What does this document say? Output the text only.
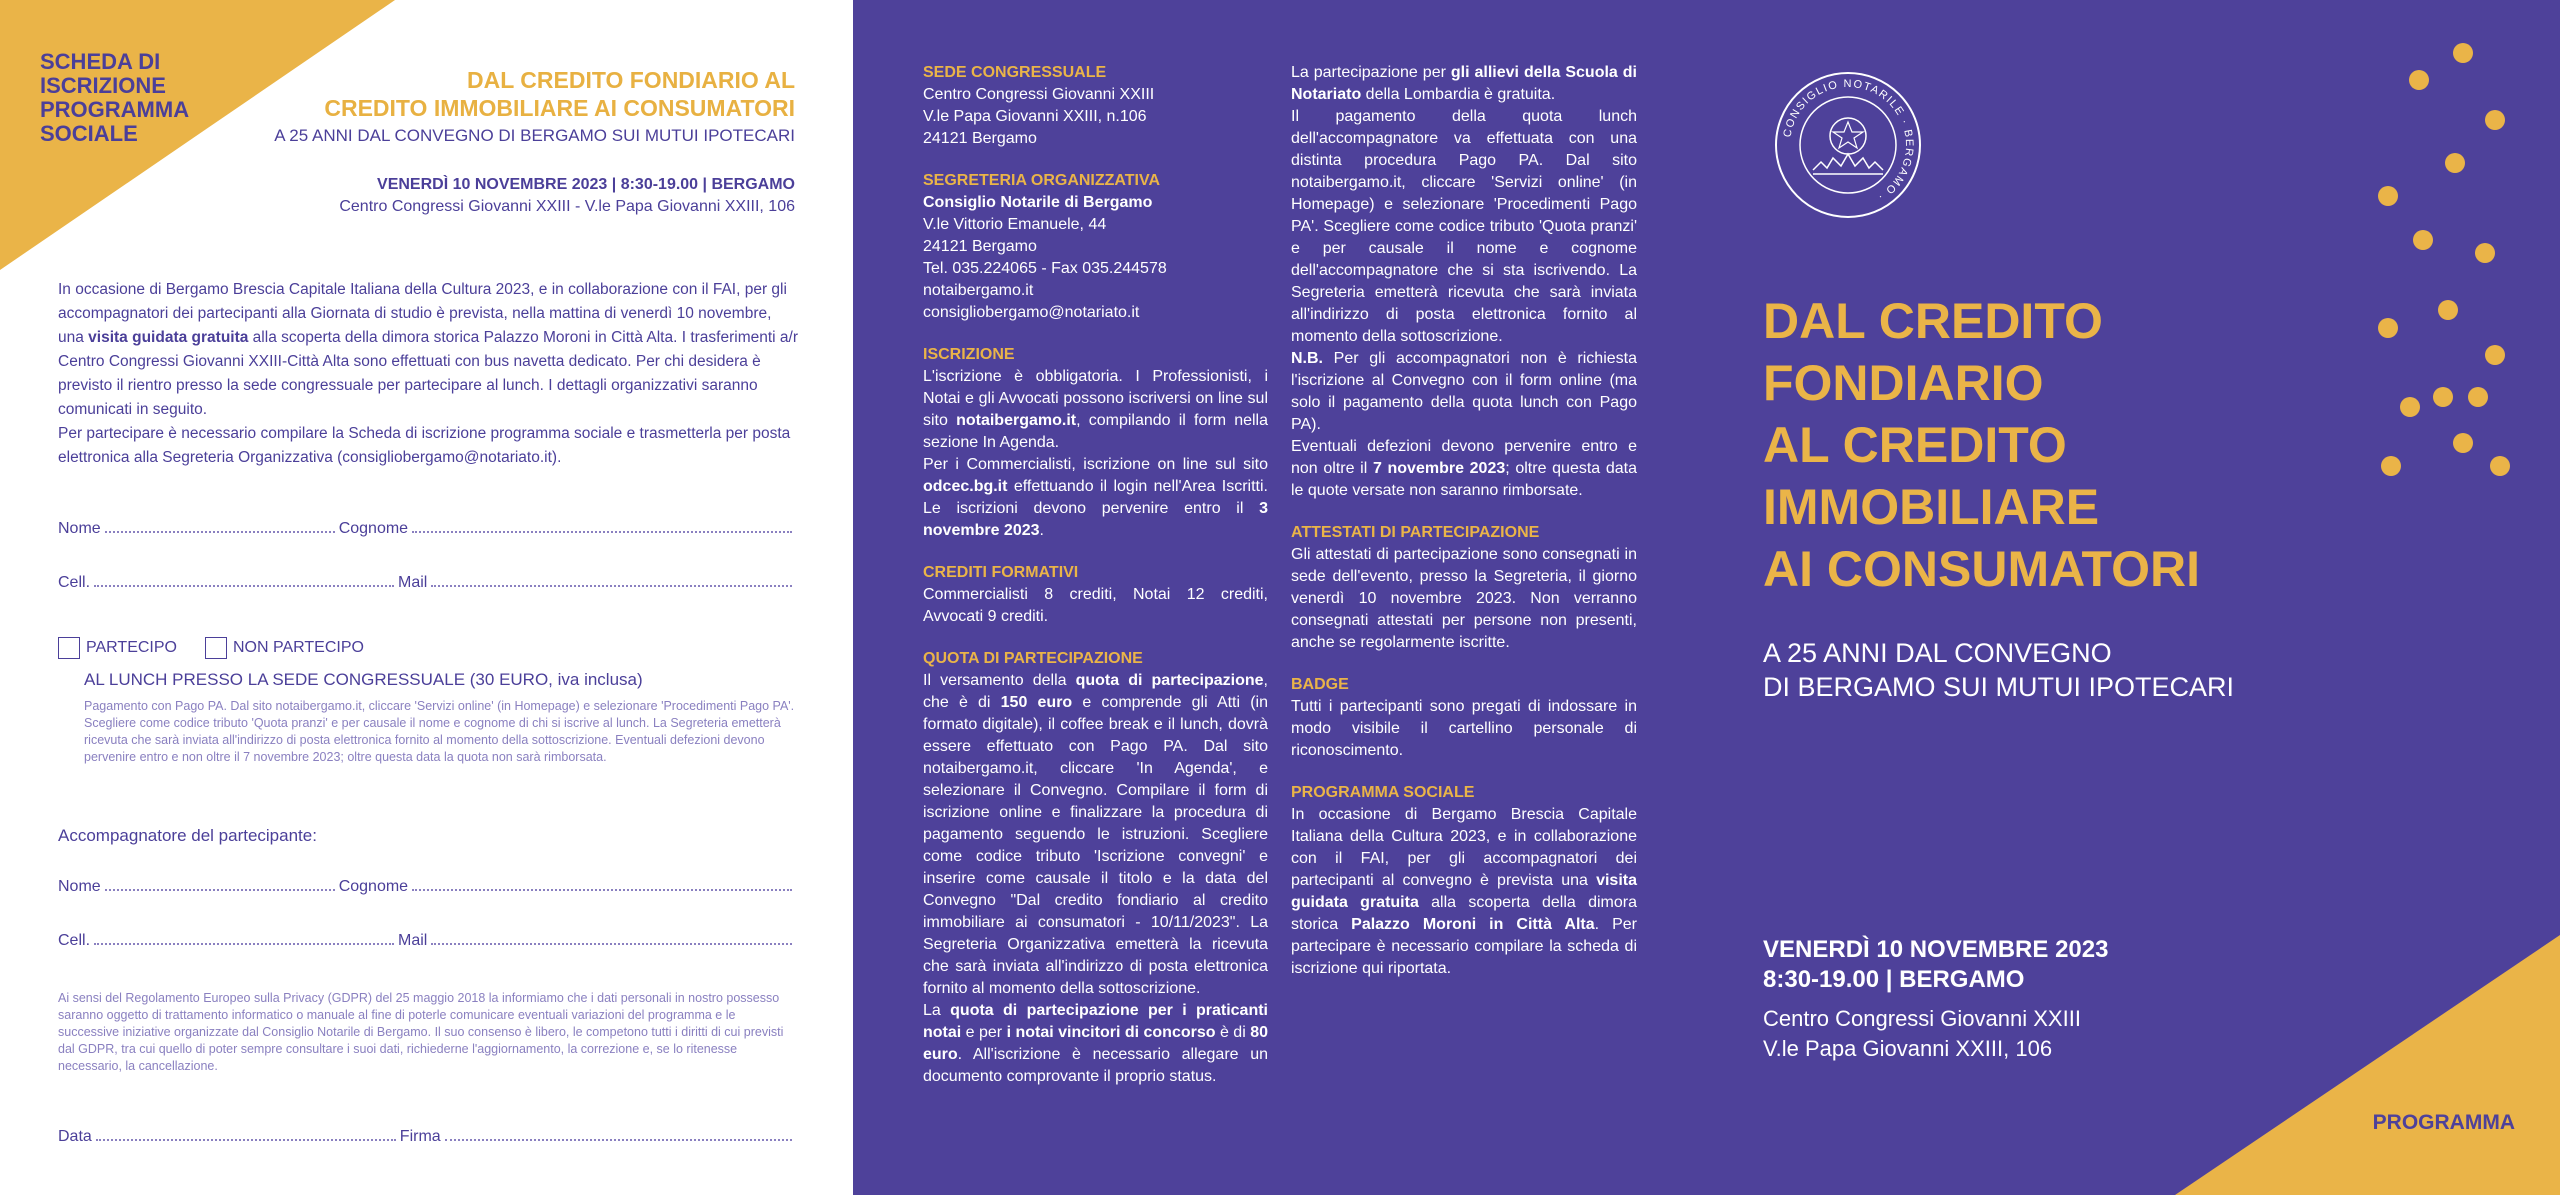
SCHEDA DI
ISCRIZIONE
PROGRAMMA
SOCIALE
DAL CREDITO FONDIARIO AL
CREDITO IMMOBILIARE AI CONSUMATORI
A 25 ANNI DAL CONVEGNO DI BERGAMO SUI MUTUI IPOTECARI
VENERDÌ 10 NOVEMBRE 2023 | 8:30-19.00 | BERGAMO
Centro Congressi Giovanni XXIII - V.le Papa Giovanni XXIII, 106

In occasione di Bergamo Brescia Capitale Italiana della Cultura 2023, e in collaborazione con il FAI, per gli accompagnatori dei partecipanti alla Giornata di studio è prevista, nella mattina di venerdì 10 novembre, una visita guidata gratuita alla scoperta della dimora storica Palazzo Moroni in Città Alta. I trasferimenti a/r Centro Congressi Giovanni XXIII-Città Alta sono effettuati con bus navetta dedicato. Per chi desidera è previsto il rientro presso la sede congressuale per partecipare al lunch. I dettagli organizzativi saranno comunicati in seguito.

Per partecipare è necessario compilare la Scheda di iscrizione programma sociale e trasmetterla per posta elettronica alla Segreteria Organizzativa (consigliobergamo@notariato.it).

Nome	Cognome
Cell.	Mail
PARTECIPO	NON PARTECIPO
AL LUNCH PRESSO LA SEDE CONGRESSUALE (30 EURO, iva inclusa)
Pagamento con Pago PA. Dal sito notaibergamo.it, cliccare 'Servizi online' (in Homepage) e selezionare 'Procedimenti Pago PA'. Scegliere come codice tributo 'Quota pranzi' e per causale il nome e cognome di chi si iscrive al lunch. La Segreteria emetterà ricevuta che sarà inviata all'indirizzo di posta elettronica fornito al momento della sottoscrizione. Eventuali defezioni devono pervenire entro e non oltre il 7 novembre 2023; oltre questa data la quota non sarà rimborsata.
Accompagnatore del partecipante:
Nome	Cognome
Cell.	Mail
Ai sensi del Regolamento Europeo sulla Privacy (GDPR) del 25 maggio 2018 la informiamo che i dati personali in nostro possesso saranno oggetto di trattamento informatico o manuale al fine di poterle comunicare eventuali variazioni del programma e le successive iniziative organizzate dal Consiglio Notarile di Bergamo. Il suo consenso è libero, le competono tutti i diritti di cui previsti dal GDPR, tra cui quello di poter sempre consultare i suoi dati, richiederne l'aggiornamento, la correzione e, se lo ritenesse necessario, la cancellazione.
Data	Firma

SEDE CONGRESSUALE

Centro Congressi Giovanni XXIII

V.le Papa Giovanni XXIII, n.106

24121 Bergamo

SEGRETERIA ORGANIZZATIVA

Consiglio Notarile di Bergamo

V.le Vittorio Emanuele, 44

24121 Bergamo

Tel. 035.224065 - Fax 035.244578

notaibergamo.it

consigliobergamo@notariato.it

ISCRIZIONE

L'iscrizione è obbligatoria. I Professionisti, i Notai e gli Avvocati possono iscriversi on line sul sito notaibergamo.it, compilando il form nella sezione In Agenda.

Per i Commercialisti, iscrizione on line sul sito odcec.bg.it effettuando il login nell'Area Iscritti. Le iscrizioni devono pervenire entro il 3 novembre 2023.

CREDITI FORMATIVI

Commercialisti 8 crediti, Notai 12 crediti, Avvocati 9 crediti.

QUOTA DI PARTECIPAZIONE

Il versamento della quota di partecipazione, che è di 150 euro e comprende gli Atti (in formato digitale), il coffee break e il lunch, dovrà essere effettuato con Pago PA. Dal sito notaibergamo.it, cliccare 'In Agenda', e selezionare il Convegno. Compilare il form di iscrizione online e finalizzare la procedura di pagamento seguendo le istruzioni. Scegliere come codice tributo 'Iscrizione convegni' e inserire come causale il titolo e la data del Convegno "Dal credito fondiario al credito immobiliare ai consumatori - 10/11/2023". La Segreteria Organizzativa emetterà la ricevuta che sarà inviata all'indirizzo di posta elettronica fornito al momento della sottoscrizione.

La quota di partecipazione per i praticanti notai e per i notai vincitori di concorso è di 80 euro. All'iscrizione è necessario allegare un documento comprovante il proprio status.

La partecipazione per gli allievi della Scuola di Notariato della Lombardia è gratuita.

Il pagamento della quota lunch dell'accompagnatore va effettuata con una distinta procedura Pago PA. Dal sito notaibergamo.it, cliccare 'Servizi online' (in Homepage) e selezionare 'Procedimenti Pago PA'. Scegliere come codice tributo 'Quota pranzi' e per causale il nome e cognome dell'accompagnatore che si sta iscrivendo. La Segreteria emetterà ricevuta che sarà inviata all'indirizzo di posta elettronica fornito al momento della sottoscrizione.

N.B. Per gli accompagnatori non è richiesta l'iscrizione al Convegno con il form online (ma solo il pagamento della quota lunch con Pago PA).

Eventuali defezioni devono pervenire entro e non oltre il 7 novembre 2023; oltre questa data le quote versate non saranno rimborsate.

ATTESTATI DI PARTECIPAZIONE

Gli attestati di partecipazione sono consegnati in sede dell'evento, presso la Segreteria, il giorno venerdì 10 novembre 2023. Non verranno consegnati attestati per persone non presenti, anche se regolarmente iscritte.

BADGE

Tutti i partecipanti sono pregati di indossare in modo visibile il cartellino personale di riconoscimento.

PROGRAMMA SOCIALE

In occasione di Bergamo Brescia Capitale Italiana della Cultura 2023, e in collaborazione con il FAI, per gli accompagnatori dei partecipanti al convegno è prevista una visita guidata gratuita alla scoperta della dimora storica Palazzo Moroni in Città Alta. Per partecipare è necessario compilare la scheda di iscrizione qui riportata.

CONSIGLIO NOTARILE · BERGAMO ·
DAL CREDITO
FONDIARIO
AL CREDITO
IMMOBILIARE
AI CONSUMATORI
A 25 ANNI DAL CONVEGNO
DI BERGAMO SUI MUTUI IPOTECARI
VENERDÌ 10 NOVEMBRE 2023
8:30-19.00 | BERGAMO
Centro Congressi Giovanni XXIII
V.le Papa Giovanni XXIII, 106
PROGRAMMA
